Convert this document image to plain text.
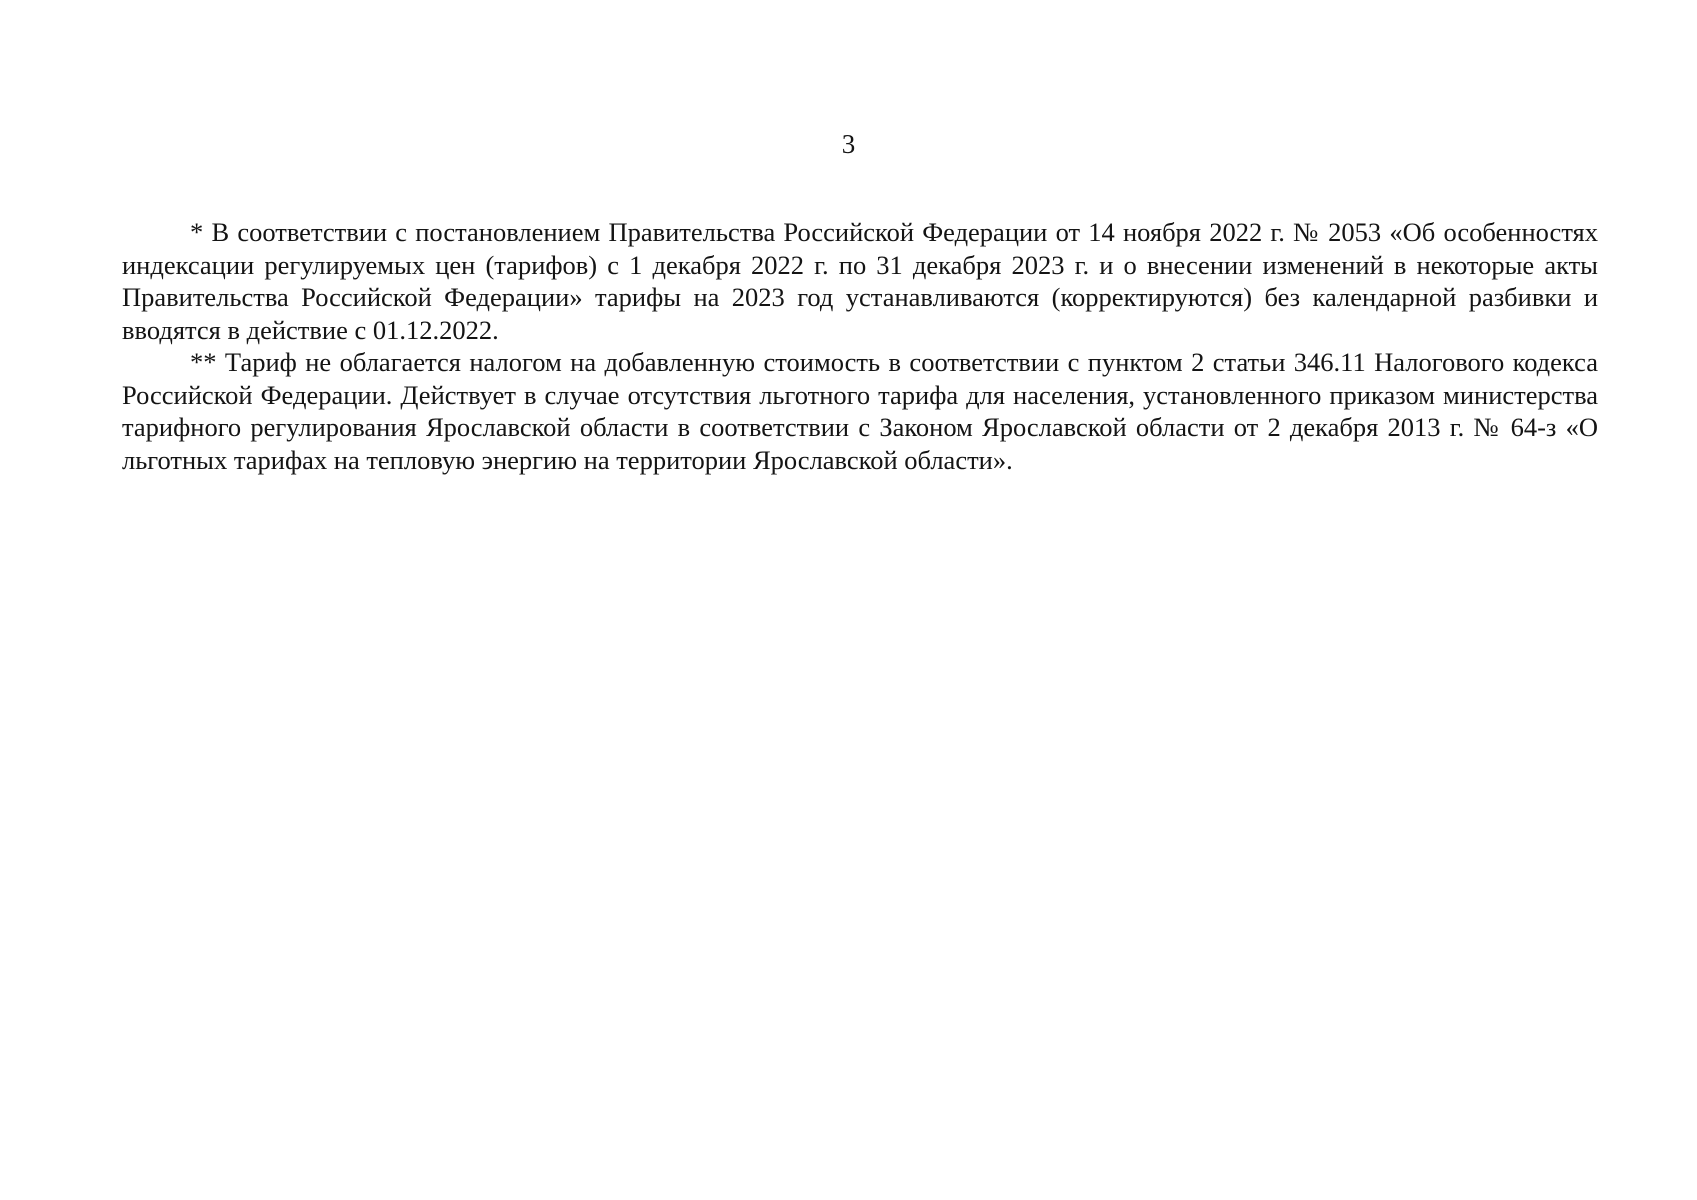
3

* В соответствии с постановлением Правительства Российской Федерации от 14 ноября 2022 г. № 2053 «Об особенностях индексации регулируемых цен (тарифов) с 1 декабря 2022 г. по 31 декабря 2023 г. и о внесении изменений в некоторые акты Правительства Российской Федерации» тарифы на 2023 год устанавливаются (корректируются) без календарной разбивки и вводятся в действие с 01.12.2022.

** Тариф не облагается налогом на добавленную стоимость в соответствии с пунктом 2 статьи 346.11 Налогового кодекса Российской Федерации. Действует в случае отсутствия льготного тарифа для населения, установленного приказом министерства тарифного регулирования Ярославской области в соответствии с Законом Ярославской области от 2 декабря 2013 г. № 64-з «О льготных тарифах на тепловую энергию на территории Ярославской области».
